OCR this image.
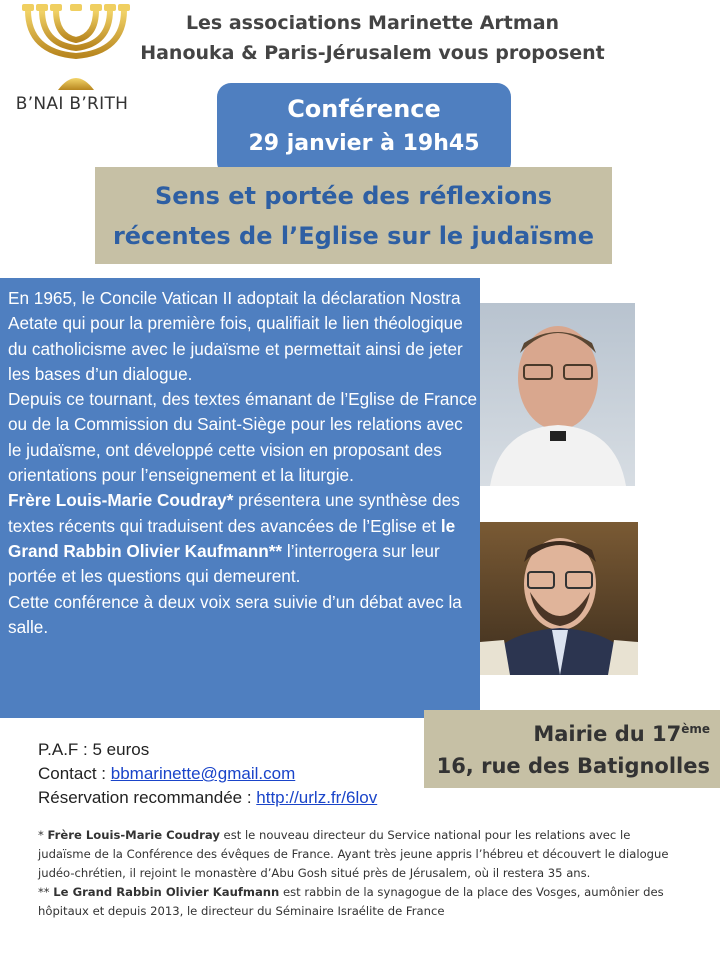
B’NAI B’RITH
Les associations Marinette Artman
Hanouka & Paris-Jérusalem vous proposent
Conférence
29 janvier à 19h45
Sens et portée des réflexions
récentes de l’Eglise sur le judaïsme

En 1965, le Concile Vatican II adoptait la déclaration Nostra Aetate qui pour la première fois, qualifiait le lien théologique du catholicisme avec le judaïsme et permettait ainsi de jeter les bases d’un dialogue.

Depuis ce tournant, des textes émanant de l’Eglise de France ou de la Commission du Saint-Siège pour les relations avec le judaïsme, ont développé cette vision en proposant des orientations pour l’enseignement et la liturgie.

Frère Louis-Marie Coudray* présentera une synthèse des textes récents qui traduisent des avancées de l’Eglise et le Grand Rabbin Olivier Kaufmann** l’interrogera sur leur portée et les questions qui demeurent.

Cette conférence à deux voix sera suivie d’un débat avec la salle.

Mairie du 17ème
16, rue des Batignolles
P.A.F : 5 euros
Contact : bbmarinette@gmail.com
Réservation recommandée : http://urlz.fr/6lov

* Frère Louis-Marie Coudray est le nouveau directeur du Service national pour les relations avec le judaïsme de la Conférence des évêques de France. Ayant très jeune appris l’hébreu et découvert le dialogue judéo-chrétien, il rejoint le monastère d’Abu Gosh situé près de Jérusalem, où il restera 35 ans.

** Le Grand Rabbin Olivier Kaufmann est rabbin de la synagogue de la place des Vosges, aumônier des hôpitaux et depuis 2013, le directeur du Séminaire Israélite de France
